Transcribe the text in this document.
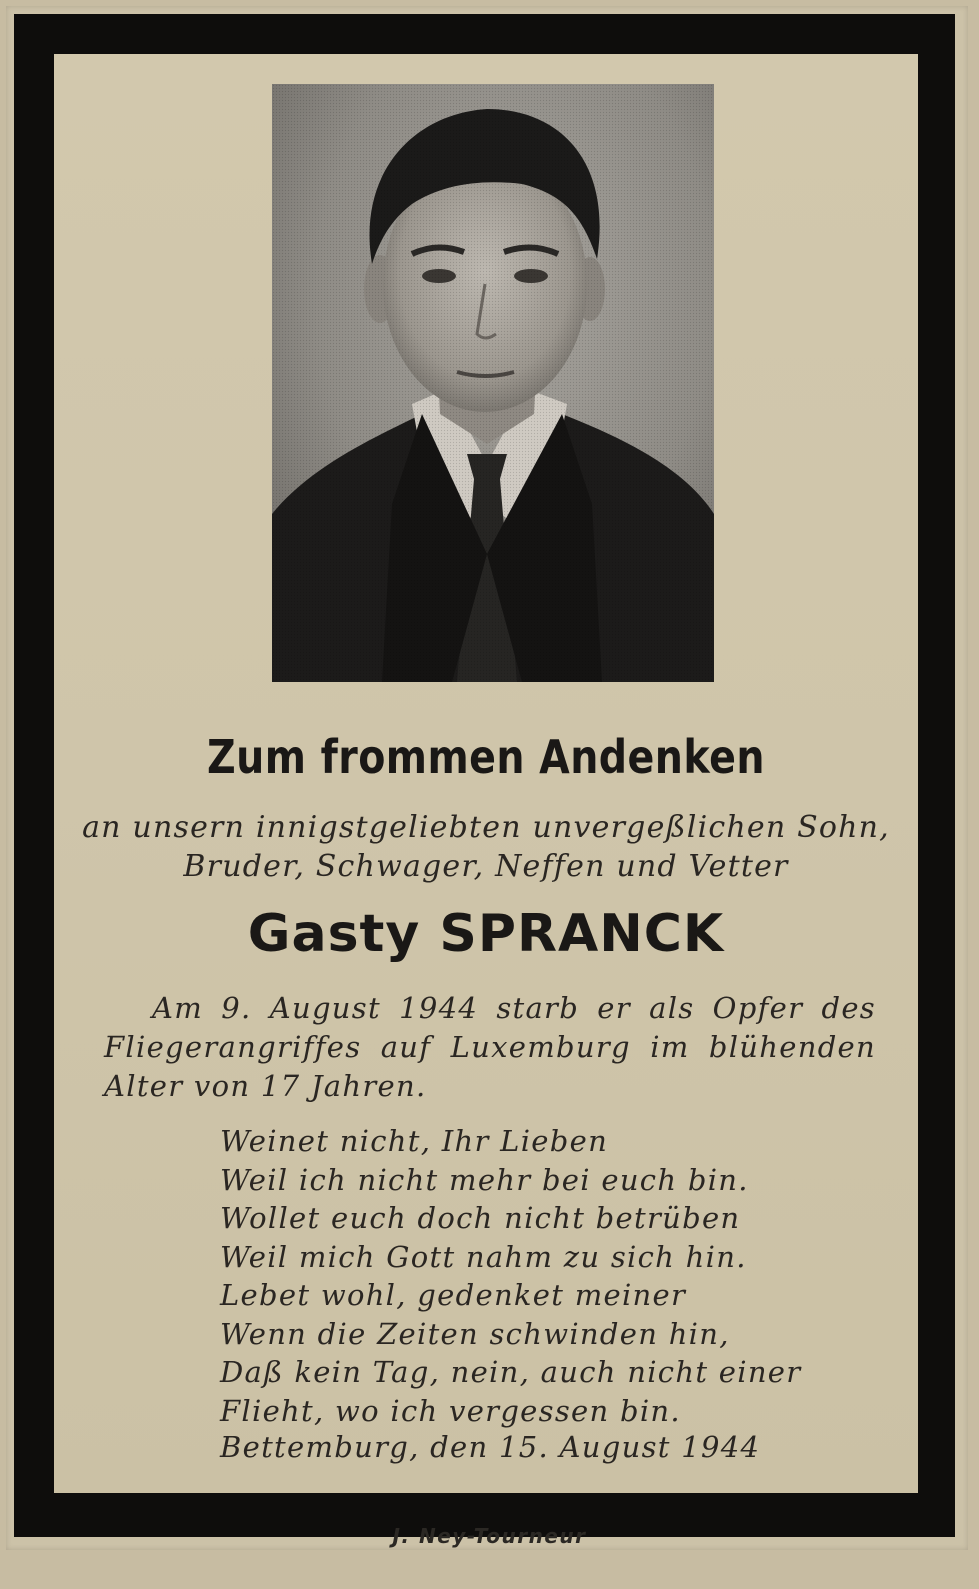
Zum frommen Andenken
an unsern innigstgeliebten unvergeßlichen Sohn,
Bruder, Schwager, Neffen und Vetter
Gasty SPRANCK
Am 9. August 1944 starb er als Opfer des
Fliegerangriffes auf Luxemburg im blühenden
Alter von 17 Jahren.
Weinet nicht, Ihr Lieben
Weil ich nicht mehr bei euch bin.
Wollet euch doch nicht betrüben
Weil mich Gott nahm zu sich hin.
Lebet wohl, gedenket meiner
Wenn die Zeiten schwinden hin,
Daß kein Tag, nein, auch nicht einer
Flieht, wo ich vergessen bin.
Bettemburg, den 15. August 1944
J. Ney-Tourneur
